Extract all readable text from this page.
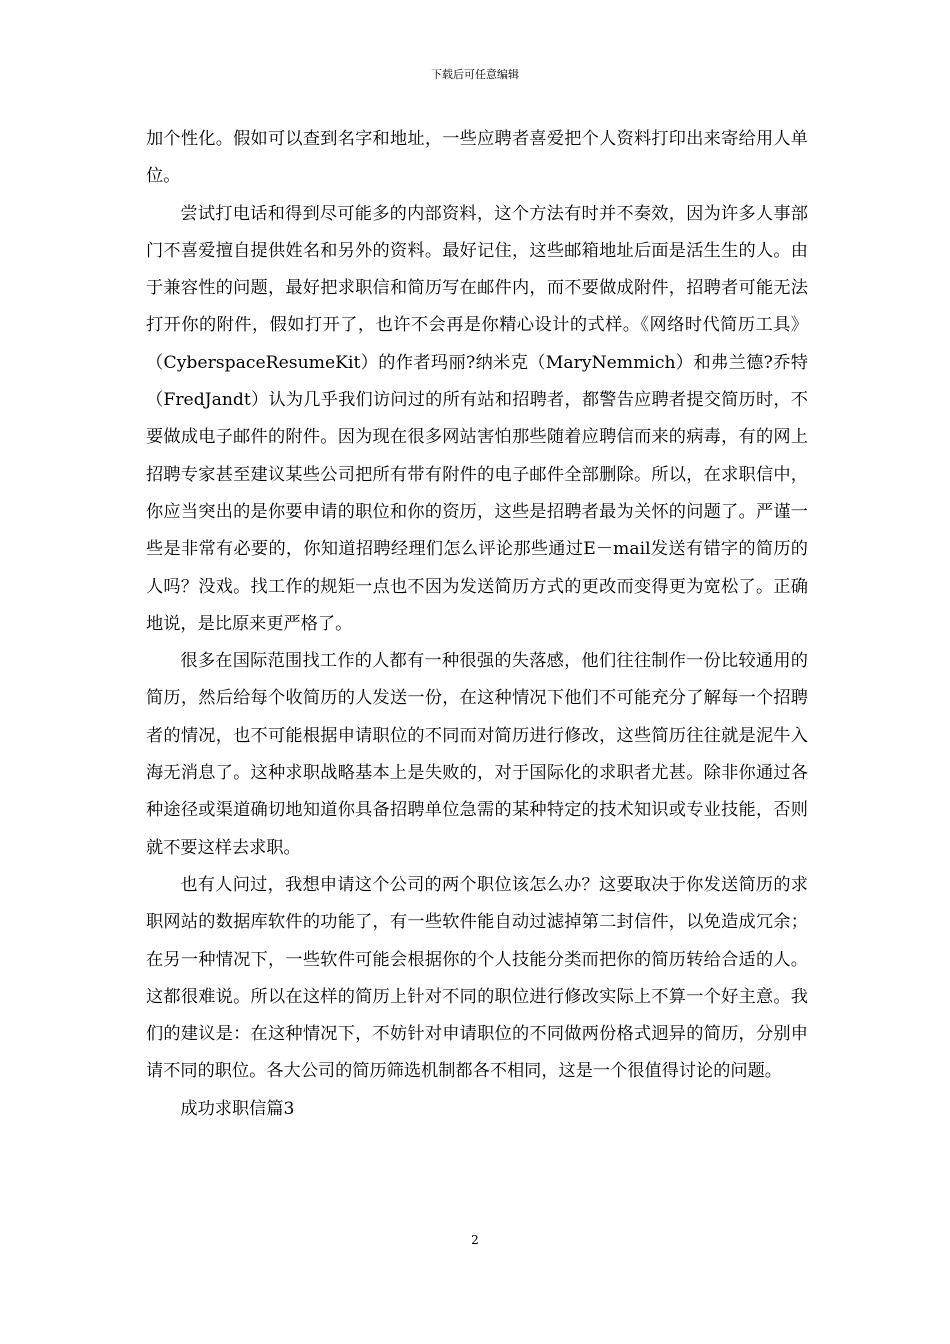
下载后可任意编辑

加个性化。假如可以查到名字和地址，一些应聘者喜爱把个人资料打印出来寄给用人单位。

尝试打电话和得到尽可能多的内部资料，这个方法有时并不奏效，因为许多人事部门不喜爱擅自提供姓名和另外的资料。最好记住，这些邮箱地址后面是活生生的人。由于兼容性的问题，最好把求职信和简历写在邮件内，而不要做成附件，招聘者可能无法打开你的附件，假如打开了，也许不会再是你精心设计的式样。《网络时代简历工具》（CyberspaceResumeKit）的作者玛丽?纳米克（MaryNemmich）和弗兰德?乔特（FredJandt）认为几乎我们访问过的所有站和招聘者，都警告应聘者提交简历时，不要做成电子邮件的附件。因为现在很多网站害怕那些随着应聘信而来的病毒，有的网上招聘专家甚至建议某些公司把所有带有附件的电子邮件全部删除。所以，在求职信中，你应当突出的是你要申请的职位和你的资历，这些是招聘者最为关怀的问题了。严谨一些是非常有必要的，你知道招聘经理们怎么评论那些通过E－mail发送有错字的简历的人吗？没戏。找工作的规矩一点也不因为发送简历方式的更改而变得更为宽松了。正确地说，是比原来更严格了。

很多在国际范围找工作的人都有一种很强的失落感，他们往往制作一份比较通用的简历，然后给每个收简历的人发送一份，在这种情况下他们不可能充分了解每一个招聘者的情况，也不可能根据申请职位的不同而对简历进行修改，这些简历往往就是泥牛入海无消息了。这种求职战略基本上是失败的，对于国际化的求职者尤甚。除非你通过各种途径或渠道确切地知道你具备招聘单位急需的某种特定的技术知识或专业技能，否则就不要这样去求职。

也有人问过，我想申请这个公司的两个职位该怎么办？这要取决于你发送简历的求职网站的数据库软件的功能了，有一些软件能自动过滤掉第二封信件，以免造成冗余；在另一种情况下，一些软件可能会根据你的个人技能分类而把你的简历转给合适的人。这都很难说。所以在这样的简历上针对不同的职位进行修改实际上不算一个好主意。我们的建议是：在这种情况下，不妨针对申请职位的不同做两份格式迥异的简历，分别申请不同的职位。各大公司的简历筛选机制都各不相同，这是一个很值得讨论的问题。

成功求职信篇3

2
